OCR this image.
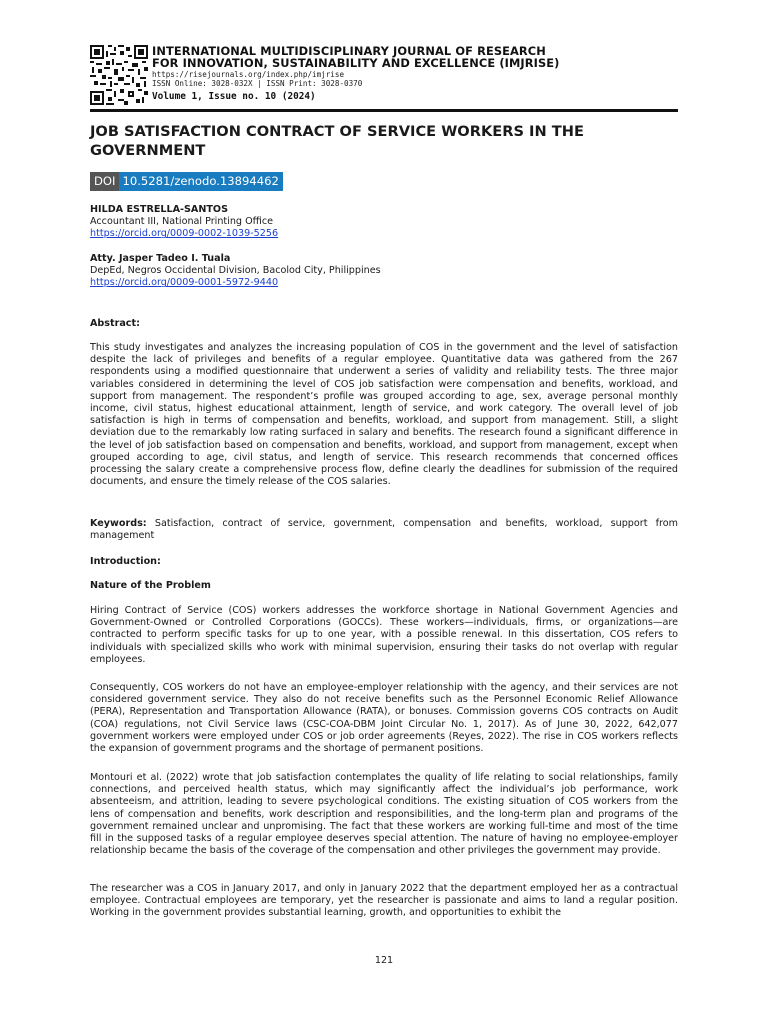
INTERNATIONAL MULTIDISCIPLINARY JOURNAL OF RESEARCH
FOR INNOVATION, SUSTAINABILITY AND EXCELLENCE (IMJRISE)
https://risejournals.org/index.php/imjrise
ISSN Online: 3028-032X | ISSN Print: 3028-0370
Volume 1, Issue no. 10 (2024)
JOB SATISFACTION CONTRACT OF SERVICE WORKERS IN THE GOVERNMENT
DOI 10.5281/zenodo.13894462
HILDA ESTRELLA-SANTOS
Accountant III, National Printing Office
https://orcid.org/0009-0002-1039-5256
Atty. Jasper Tadeo I. Tuala
DepEd, Negros Occidental Division, Bacolod City, Philippines
https://orcid.org/0009-0001-5972-9440
Abstract:
This study investigates and analyzes the increasing population of COS in the government and the level of satisfaction despite the lack of privileges and benefits of a regular employee. Quantitative data was gathered from the 267 respondents using a modified questionnaire that underwent a series of validity and reliability tests. The three major variables considered in determining the level of COS job satisfaction were compensation and benefits, workload, and support from management. The respondent’s profile was grouped according to age, sex, average personal monthly income, civil status, highest educational attainment, length of service, and work category. The overall level of job satisfaction is high in terms of compensation and benefits, workload, and support from management. Still, a slight deviation due to the remarkably low rating surfaced in salary and benefits. The research found a significant difference in the level of job satisfaction based on compensation and benefits, workload, and support from management, except when grouped according to age, civil status, and length of service. This research recommends that concerned offices processing the salary create a comprehensive process flow, define clearly the deadlines for submission of the required documents, and ensure the timely release of the COS salaries.
Keywords: Satisfaction, contract of service, government, compensation and benefits, workload, support from management
Introduction:
Nature of the Problem
Hiring Contract of Service (COS) workers addresses the workforce shortage in National Government Agencies and Government-Owned or Controlled Corporations (GOCCs). These workers—individuals, firms, or organizations—are contracted to perform specific tasks for up to one year, with a possible renewal. In this dissertation, COS refers to individuals with specialized skills who work with minimal supervision, ensuring their tasks do not overlap with regular employees.
Consequently, COS workers do not have an employee-employer relationship with the agency, and their services are not considered government service. They also do not receive benefits such as the Personnel Economic Relief Allowance (PERA), Representation and Transportation Allowance (RATA), or bonuses. Commission governs COS contracts on Audit (COA) regulations, not Civil Service laws (CSC-COA-DBM Joint Circular No. 1, 2017). As of June 30, 2022, 642,077 government workers were employed under COS or job order agreements (Reyes, 2022). The rise in COS workers reflects the expansion of government programs and the shortage of permanent positions.
Montouri et al. (2022) wrote that job satisfaction contemplates the quality of life relating to social relationships, family connections, and perceived health status, which may significantly affect the individual’s job performance, work absenteeism, and attrition, leading to severe psychological conditions. The existing situation of COS workers from the lens of compensation and benefits, work description and responsibilities, and the long-term plan and programs of the government remained unclear and unpromising. The fact that these workers are working full-time and most of the time fill in the supposed tasks of a regular employee deserves special attention. The nature of having no employee-employer relationship became the basis of the coverage of the compensation and other privileges the government may provide.
The researcher was a COS in January 2017, and only in January 2022 that the department employed her as a contractual employee. Contractual employees are temporary, yet the researcher is passionate and aims to land a regular position. Working in the government provides substantial learning, growth, and opportunities to exhibit the
121
